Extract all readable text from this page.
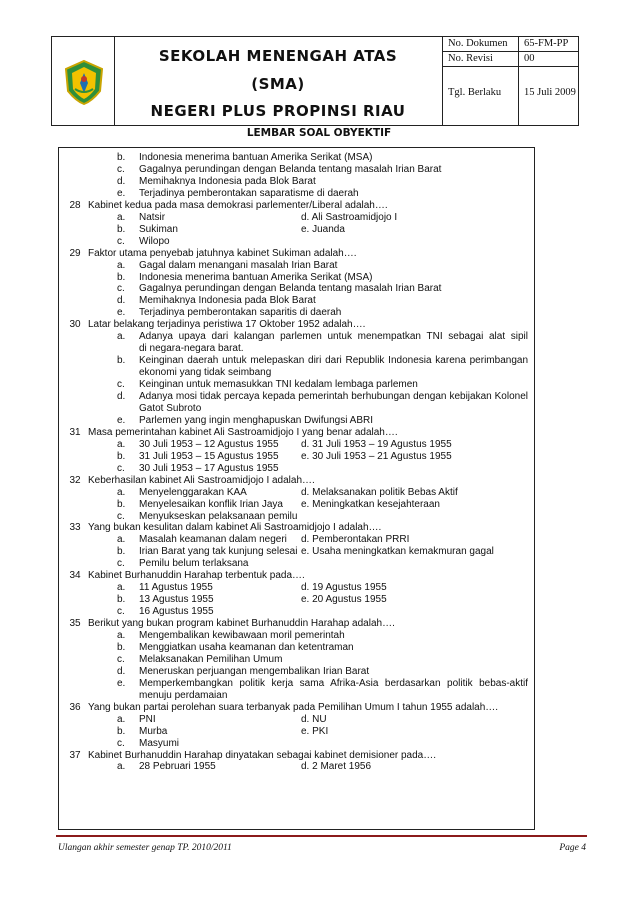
SEKOLAH MENENGAH ATAS
(SMA)
NEGERI PLUS PROPINSI RIAU
No. Dokumen 65-FM-PP
No. Revisi	00
Tgl. Berlaku 15 Juli 2009
LEMBAR SOAL OBYEKTIF
b. Indonesia menerima bantuan Amerika Serikat (MSA)
c. Gagalnya perundingan dengan Belanda tentang masalah Irian Barat
d. Memihaknya Indonesia pada Blok Barat
e. Terjadinya pemberontakan saparatisme di daerah
28 Kabinet kedua pada masa demokrasi parlementer/Liberal adalah….
a. Natsir	d. Ali Sastroamidjojo I
b. Sukiman	e. Juanda
c. Wilopo
29 Faktor utama penyebab jatuhnya kabinet Sukiman adalah….
a. Gagal dalam menangani masalah Irian Barat
b. Indonesia menerima bantuan Amerika Serikat (MSA)
c. Gagalnya perundingan dengan Belanda tentang masalah Irian Barat
d. Memihaknya Indonesia pada Blok Barat
e. Terjadinya pemberontakan saparitis di daerah
30 Latar belakang terjadinya peristiwa 17 Oktober 1952 adalah….
a. Adanya upaya dari kalangan parlemen untuk menempatkan TNI sebagai alat sipil
di negara-negara barat.
b. Keinginan daerah untuk melepaskan diri dari Republik Indonesia karena perimbangan
ekonomi yang tidak seimbang
c. Keinginan untuk memasukkan TNI kedalam lembaga parlemen
d. Adanya mosi tidak percaya kepada pemerintah berhubungan dengan kebijakan Kolonel
Gatot Subroto
e. Parlemen yang ingin menghapuskan Dwifungsi ABRI
31 Masa pemerintahan kabinet Ali Sastroamidjojo I yang benar adalah….
a. 30 Juli 1953 – 12 Agustus 1955 d. 31 Juli 1953 – 19 Agustus 1955
b. 31 Juli 1953 – 15 Agustus 1955 e. 30 Juli 1953 – 21 Agustus 1955
c. 30 Juli 1953 – 17 Agustus 1955
32 Keberhasilan kabinet Ali Sastroamidjojo I adalah….
a. Menyelenggarakan KAA	d. Melaksanakan politik Bebas Aktif
b. Menyelesaikan konflik Irian Jaya e. Meningkatkan kesejahteraan
c. Menyukseskan pelaksanaan pemilu
33 Yang bukan kesulitan dalam kabinet Ali Sastroamidjojo I adalah….
a. Masalah keamanan dalam negeri d. Pemberontakan PRRI
b. Irian Barat yang tak kunjung selesai e. Usaha meningkatkan kemakmuran gagal
c. Pemilu belum terlaksana
34 Kabinet Burhanuddin Harahap terbentuk pada….
a. 11 Agustus 1955	d. 19 Agustus 1955
b. 13 Agustus 1955	e. 20 Agustus 1955
c. 16 Agustus 1955
35 Berikut yang bukan program kabinet Burhanuddin Harahap adalah….
a. Mengembalikan kewibawaan moril pemerintah
b. Menggiatkan usaha keamanan dan ketentraman
c. Melaksanakan Pemilihan Umum
d. Meneruskan perjuangan mengembalikan Irian Barat
e. Memperkembangkan politik kerja sama Afrika-Asia berdasarkan politik bebas-aktif
menuju perdamaian
36 Yang bukan partai perolehan suara terbanyak pada Pemilihan Umum I tahun 1955 adalah….
a. PNI	d. NU
b. Murba	e. PKI
c. Masyumi
37 Kabinet Burhanuddin Harahap dinyatakan sebagai kabinet demisioner pada….
a. 28 Pebruari 1955	d. 2 Maret 1956
Ulangan akhir semester genap TP. 2010/2011	Page 4
